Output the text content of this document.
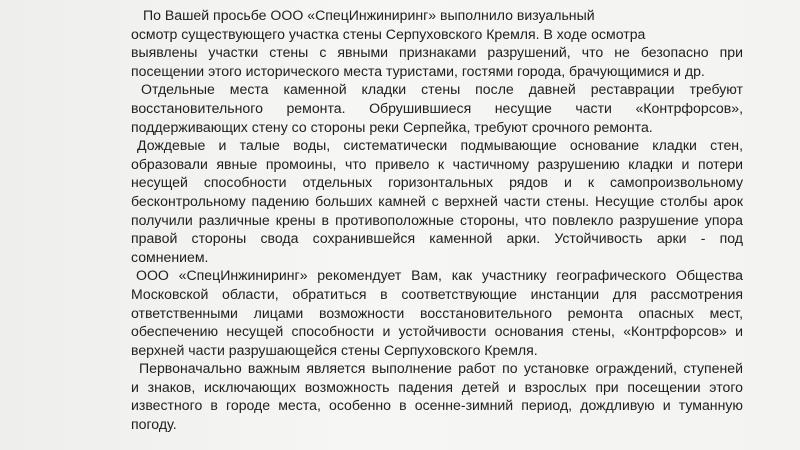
По Вашей просьбе ООО «СпецИнжиниринг» выполнило визуальный
осмотр существующего участка стены Серпуховского Кремля. В ходе осмотра
выявлены участки стены с явными признаками разрушений, что не безопасно при
посещении этого исторического места туристами, гостями города, брачующимися и др.
Отдельные места каменной кладки стены после давней реставрации требуют
восстановительного ремонта. Обрушившиеся несущие части «Контрфорсов»,
поддерживающих стену со стороны реки Серпейка, требуют срочного ремонта.
Дождевые и талые воды, систематически подмывающие основание кладки стен,
образовали явные промоины, что привело к частичному разрушению кладки и потери
несущей способности отдельных горизонтальных рядов и к самопроизвольному
бесконтрольному падению больших камней с верхней части стены. Несущие столбы арок
получили различные крены в противоположные стороны, что повлекло разрушение упора
правой стороны свода сохранившейся каменной арки. Устойчивость арки - под
сомнением.
ООО «СпецИнжиниринг» рекомендует Вам, как участнику географического Общества
Московской области, обратиться в соответствующие инстанции для рассмотрения
ответственными лицами возможности восстановительного ремонта опасных мест,
обеспечению несущей способности и устойчивости основания стены, «Контрфорсов» и
верхней части разрушающейся стены Серпуховского Кремля.
Первоначально важным является выполнение работ по установке ограждений, ступеней
и знаков, исключающих возможность падения детей и взрослых при посещении этого
известного в городе места, особенно в осенне-зимний период, дождливую и туманную
погоду.
